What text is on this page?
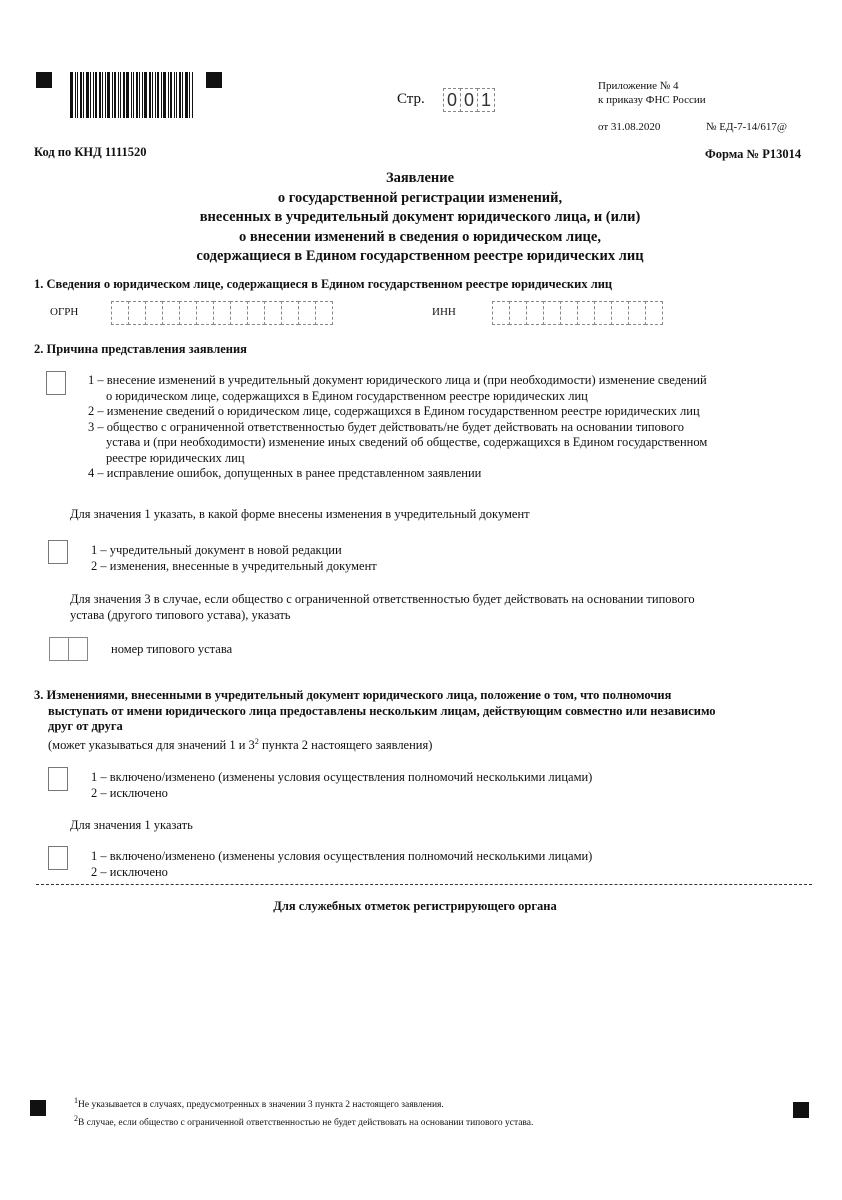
Стр. 0 0 1
Приложение № 4
к приказу ФНС России
от 31.08.2020	№ ЕД-7-14/617@
Код по КНД 1111520	Форма № Р13014
Заявление
о государственной регистрации изменений,
внесенных в учредительный документ юридического лица, и (или)
о внесении изменений в сведения о юридическом лице,
содержащиеся в Едином государственном реестре юридических лиц
1. Сведения о юридическом лице, содержащиеся в Едином государственном реестре юридических лиц
ОГРН	ИНН
2. Причина представления заявления
1 – внесение изменений в учредительный документ юридического лица и (при необходимости) изменение сведений
о юридическом лице, содержащихся в Едином государственном реестре юридических лиц
2 – изменение сведений о юридическом лице, содержащихся в Едином государственном реестре юридических лиц
3 – общество с ограниченной ответственностью будет действовать/не будет действовать на основании типового
устава и (при необходимости) изменение иных сведений об обществе, содержащихся в Едином государственном
реестре юридических лиц
4 – исправление ошибок, допущенных в ранее представленном заявлении
Для значения 1 указать, в какой форме внесены изменения в учредительный документ
1 – учредительный документ в новой редакции
2 – изменения, внесенные в учредительный документ
Для значения 3 в случае, если общество с ограниченной ответственностью будет действовать на основании типового
устава (другого типового устава), указать
номер типового устава
3. Изменениями, внесенными в учредительный документ юридического лица, положение о том, что полномочия
выступать от имени юридического лица предоставлены нескольким лицам, действующим совместно или независимо
друг от друга
(может указываться для значений 1 и $3^2$ пункта 2 настоящего заявления)
1 – включено/изменено (изменены условия осуществления полномочий несколькими лицами)
2 – исключено
Для значения 1 указать
1 – включено/изменено (изменены условия осуществления полномочий несколькими лицами)
2 – исключено
Для служебных отметок регистрирующего органа
$^1$Не указывается в случаях, предусмотренных в значении 3 пункта 2 настоящего заявления.
$^2$В случае, если общество с ограниченной ответственностью не будет действовать на основании типового устава.
